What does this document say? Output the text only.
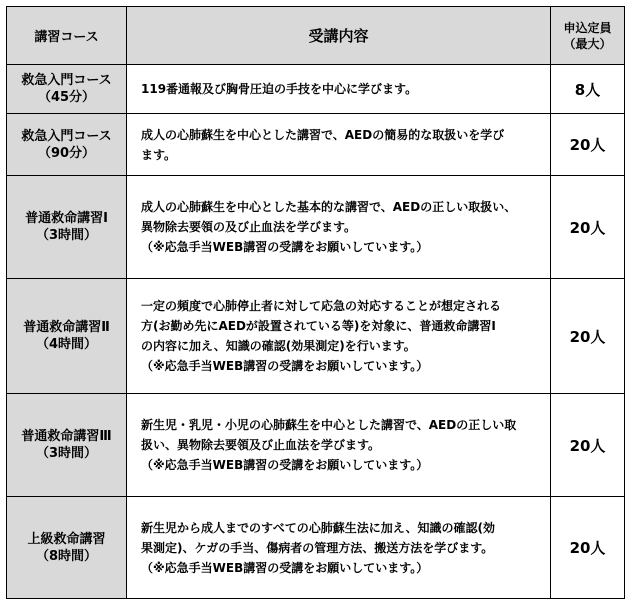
講習コース	受講内容	申込定員
（最大）

救急入門コース
（45分）	119番通報及び胸骨圧迫の手技を中心に学びます。	8人

救急入門コース
（90分）	成人の心肺蘇生を中心とした講習で、AEDの簡易的な取扱いを学び
ます。	20人

普通救命講習Ⅰ
（3時間）	成人の心肺蘇生を中心とした基本的な講習で、AEDの正しい取扱い、
異物除去要領の及び止血法を学びます。
（※応急手当WEB講習の受講をお願いしています。）	20人

普通救命講習Ⅱ
（4時間）	一定の頻度で心肺停止者に対して応急の対応することが想定される
方(お勤め先にAEDが設置されている等)を対象に、普通救命講習Ⅰ
の内容に加え、知識の確認(効果測定)を行います。
（※応急手当WEB講習の受講をお願いしています。）	20人

普通救命講習Ⅲ
（3時間）	新生児・乳児・小児の心肺蘇生を中心とした講習で、AEDの正しい取
扱い、異物除去要領及び止血法を学びます。
（※応急手当WEB講習の受講をお願いしています。）	20人

上級救命講習
（8時間）	新生児から成人までのすべての心肺蘇生法に加え、知識の確認(効
果測定)、ケガの手当、傷病者の管理方法、搬送方法を学びます。
（※応急手当WEB講習の受講をお願いしています。）	20人
